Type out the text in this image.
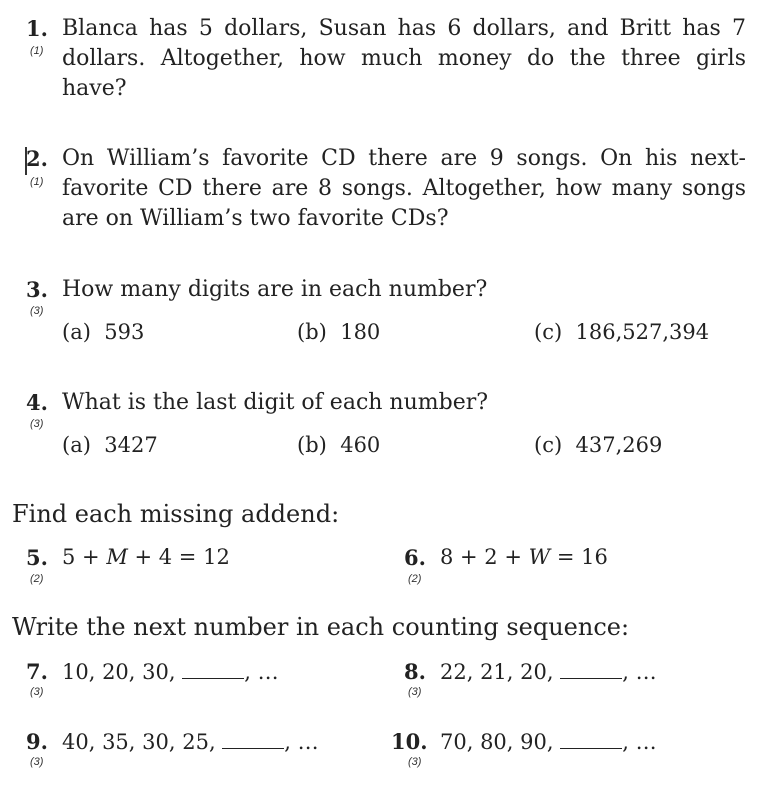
1.
(1)
Blanca has 5 dollars, Susan has 6 dollars, and Britt has 7 dollars. Altogether, how much money do the three girls have?
2.
(1)
On William’s favorite CD there are 9 songs. On his next-favorite CD there are 8 songs. Altogether, how many songs are on William’s two favorite CDs?
3.
(3)
How many digits are in each number?
(a) 593	(b) 180	(c) 186,527,394
4.
(3)
What is the last digit of each number?
(a) 3427	(b) 460	(c) 437,269
Find each missing addend:
5.
(2)
5 + M + 4 = 12	6.
(2)
8 + 2 + W = 16
Write the next number in each counting sequence:
7.
(3)
10, 20, 30,	, …	8.
(3)
22, 21, 20,	, …
9.
(3)
40, 35, 30, 25,	, …	10.
(3)
70, 80, 90,	, …
